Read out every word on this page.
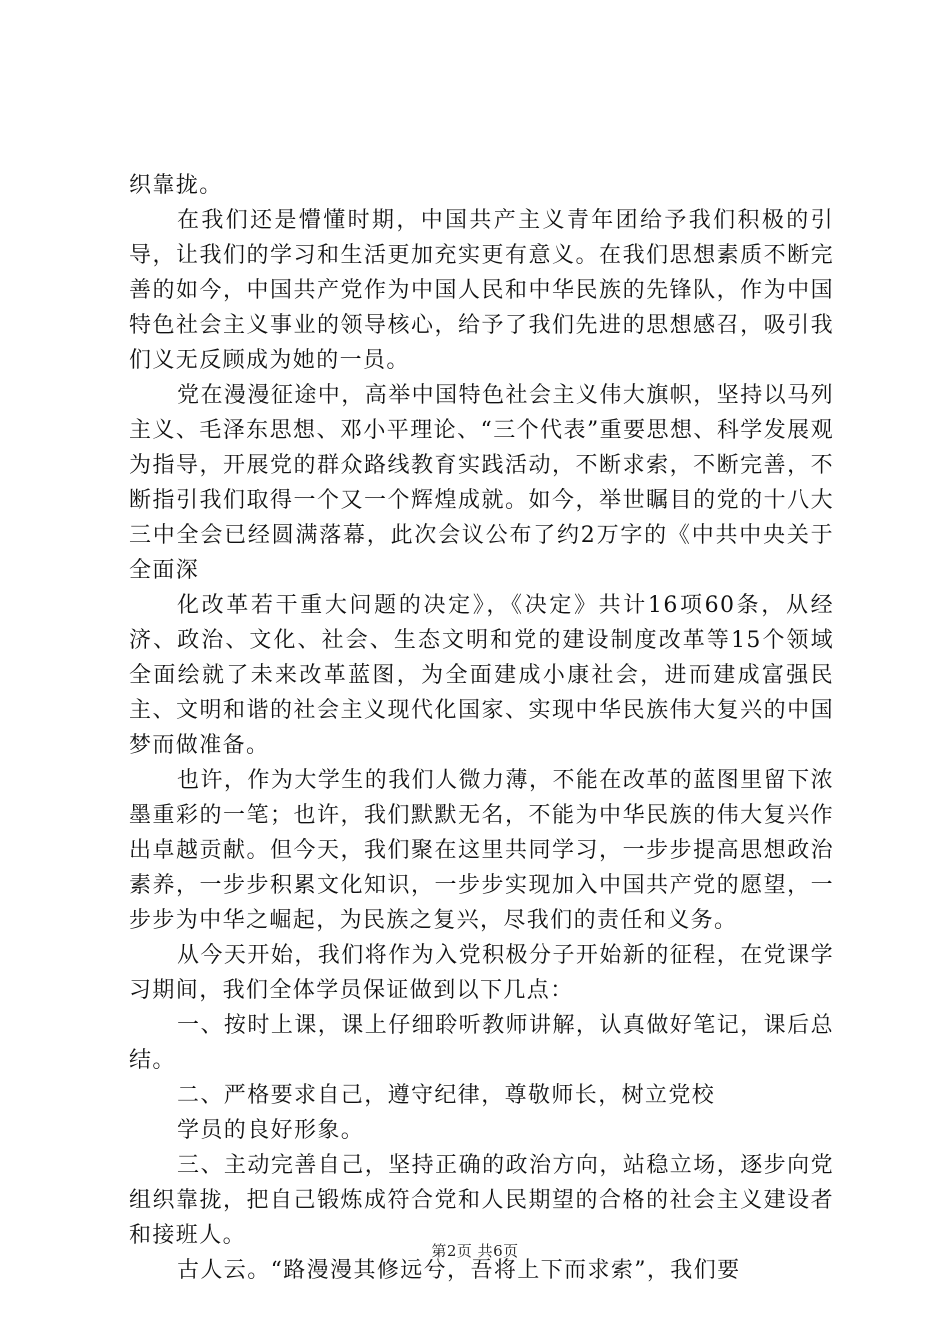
织靠拢。

在我们还是懵懂时期，中国共产主义青年团给予我们积极的引导，让我们的学习和生活更加充实更有意义。在我们思想素质不断完善的如今，中国共产党作为中国人民和中华民族的先锋队，作为中国特色社会主义事业的领导核心，给予了我们先进的思想感召，吸引我们义无反顾成为她的一员。

党在漫漫征途中，高举中国特色社会主义伟大旗帜，坚持以马列主义、毛泽东思想、邓小平理论、“三个代表”重要思想、科学发展观为指导，开展党的群众路线教育实践活动，不断求索，不断完善，不断指引我们取得一个又一个辉煌成就。如今，举世瞩目的党的十八大三中全会已经圆满落幕，此次会议公布了约2万字的《中共中央关于全面深

化改革若干重大问题的决定》，《决定》共计16项60条，从经济、政治、文化、社会、生态文明和党的建设制度改革等15个领域全面绘就了未来改革蓝图，为全面建成小康社会，进而建成富强民主、文明和谐的社会主义现代化国家、实现中华民族伟大复兴的中国梦而做准备。

也许，作为大学生的我们人微力薄，不能在改革的蓝图里留下浓墨重彩的一笔；也许，我们默默无名，不能为中华民族的伟大复兴作出卓越贡献。但今天，我们聚在这里共同学习，一步步提高思想政治素养，一步步积累文化知识，一步步实现加入中国共产党的愿望，一步步为中华之崛起，为民族之复兴，尽我们的责任和义务。

从今天开始，我们将作为入党积极分子开始新的征程，在党课学习期间，我们全体学员保证做到以下几点：

一、按时上课，课上仔细聆听教师讲解，认真做好笔记，课后总结。

二、严格要求自己，遵守纪律，尊敬师长，树立党校

学员的良好形象。

三、主动完善自己，坚持正确的政治方向，站稳立场，逐步向党组织靠拢，把自己锻炼成符合党和人民期望的合格的社会主义建设者和接班人。

古人云。“路漫漫其修远兮，吾将上下而求索”，我们要

第2页 共6页
